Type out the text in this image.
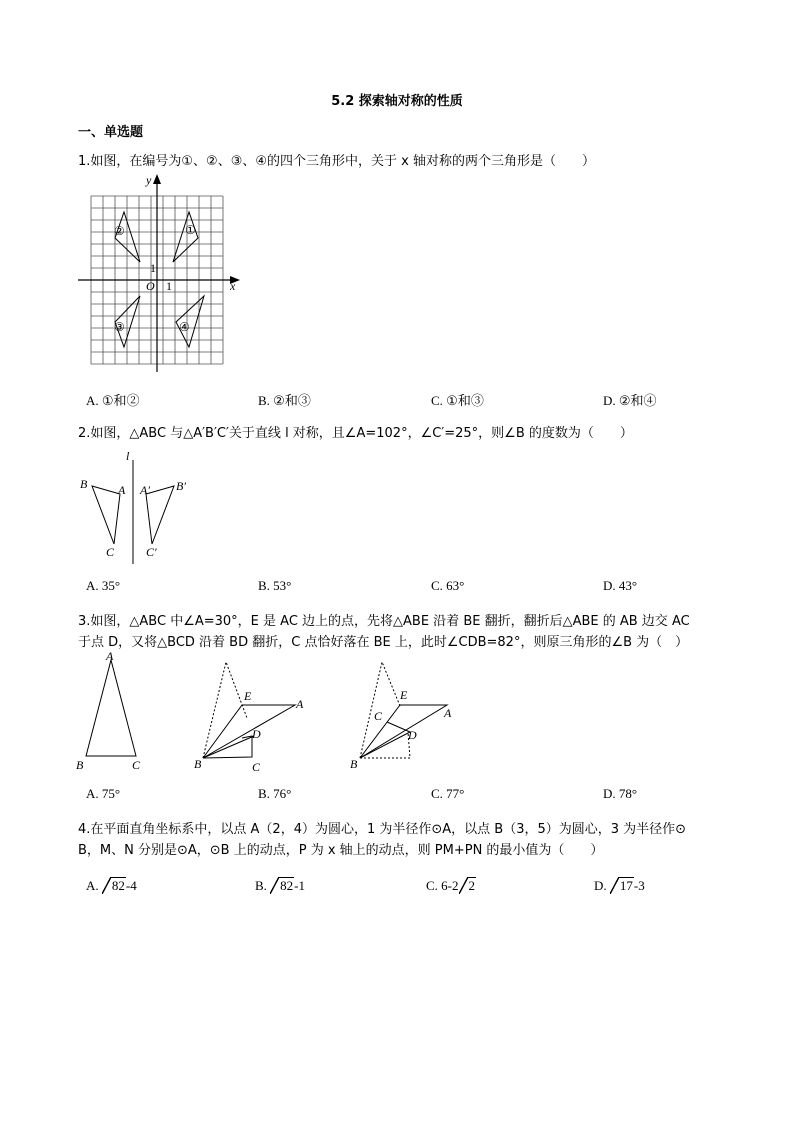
5.2 探索轴对称的性质
一、单选题
1.如图，在编号为①、②、③、④的四个三角形中，关于 x 轴对称的两个三角形是（　　）
y
x
O 1
1
①
②
③	④
A. ①和②	B. ②和③	C. ①和③	D. ②和④
2.如图，△ABC 与△A′B′C′关于直线 l 对称，且∠A=102°，∠C′=25°，则∠B 的度数为（　　）
l
B	A
C
A′ B′
C′
A. 35°	B. 53°	C. 63°	D. 43°
3.如图，△ABC 中∠A=30°，E 是 AC 边上的点，先将△ABE 沿着 BE 翻折，翻折后△ABE 的 AB 边交 AC
于点 D，又将△BCD 沿着 BD 翻折，C 点恰好落在 BE 上，此时∠CDB=82°，则原三角形的∠B 为（　）
A
B	C
E
A
D
B	C
E
A
C
D
B
A. 75°	B. 76°	C. 77°	D. 78°
4.在平面直角坐标系中，以点 A（2，4）为圆心，1 为半径作⊙A，以点 B（3，5）为圆心，3 为半径作⊙
B，M、N 分别是⊙A，⊙B 上的动点，P 为 x 轴上的动点，则 PM+PN 的最小值为（　　）
A. 82-4	B. 82-1	C. 6-2 2	D. 17-3
